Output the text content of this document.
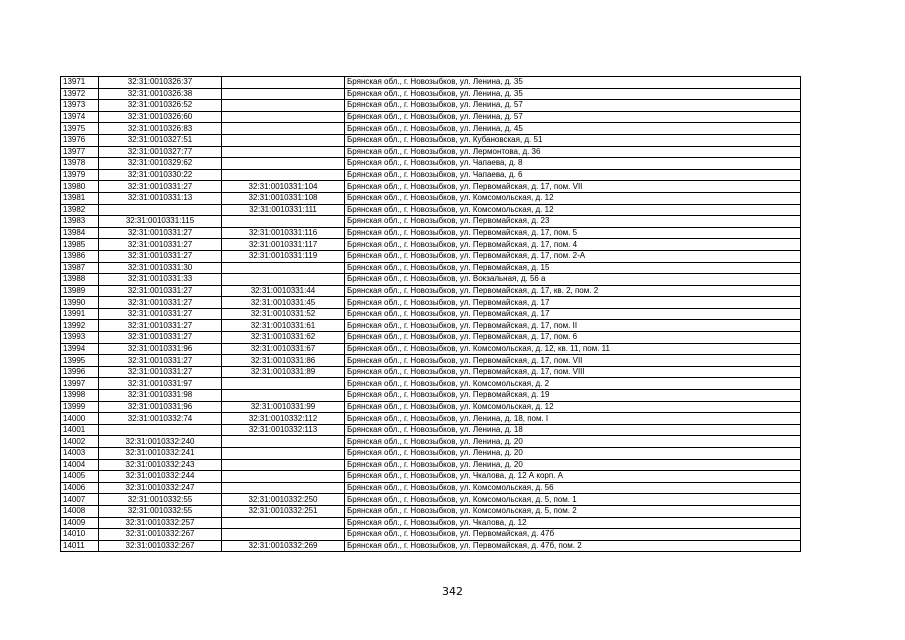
13971	32:31:0010326:37		Брянская обл., г. Новозыбков, ул. Ленина, д. 35
13972	32:31:0010326:38		Брянская обл., г. Новозыбков, ул. Ленина, д. 35
13973	32:31:0010326:52		Брянская обл., г. Новозыбков, ул. Ленина, д. 57
13974	32:31:0010326:60		Брянская обл., г. Новозыбков, ул. Ленина, д. 57
13975	32:31:0010326:83		Брянская обл., г. Новозыбков, ул. Ленина, д. 45
13976	32:31:0010327:51		Брянская обл., г. Новозыбков, ул. Кубановская, д. 51
13977	32:31:0010327:77		Брянская обл., г. Новозыбков, ул. Лермонтова, д. 36
13978	32:31:0010329:62		Брянская обл., г. Новозыбков, ул. Чапаева, д. 8
13979	32:31:0010330:22		Брянская обл., г. Новозыбков, ул. Чапаева, д. 6
13980	32:31:0010331:27	32:31:0010331:104	Брянская обл., г. Новозыбков, ул. Первомайская, д. 17, пом. VII
13981	32:31:0010331:13	32:31:0010331:108	Брянская обл., г. Новозыбков, ул. Комсомольская, д. 12
13982		32:31:0010331:111	Брянская обл., г. Новозыбков, ул. Комсомольская, д. 12
13983	32:31:0010331:115		Брянская обл., г. Новозыбков, ул. Первомайская, д. 23
13984	32:31:0010331:27	32:31:0010331:116	Брянская обл., г. Новозыбков, ул. Первомайская, д. 17, пом. 5
13985	32:31:0010331:27	32:31:0010331:117	Брянская обл., г. Новозыбков, ул. Первомайская, д. 17, пом. 4
13986	32:31:0010331:27	32:31:0010331:119	Брянская обл., г. Новозыбков, ул. Первомайская, д. 17, пом. 2-А
13987	32:31:0010331:30		Брянская обл., г. Новозыбков, ул. Первомайская, д. 15
13988	32:31:0010331:33		Брянская обл., г. Новозыбков, ул. Вокзальная, д. 56 а
13989	32:31:0010331:27	32:31:0010331:44	Брянская обл., г. Новозыбков, ул. Первомайская, д. 17, кв. 2, пом. 2
13990	32:31:0010331:27	32:31:0010331:45	Брянская обл., г. Новозыбков, ул. Первомайская, д. 17
13991	32:31:0010331:27	32:31:0010331:52	Брянская обл., г. Новозыбков, ул. Первомайская, д. 17
13992	32:31:0010331:27	32:31:0010331:61	Брянская обл., г. Новозыбков, ул. Первомайская, д. 17, пом. II
13993	32:31:0010331:27	32:31:0010331:62	Брянская обл., г. Новозыбков, ул. Первомайская, д. 17, пом. 6
13994	32:31:0010331:96	32:31:0010331:67	Брянская обл., г. Новозыбков, ул. Комсомольская, д. 12, кв. 11, пом. 11
13995	32:31:0010331:27	32:31:0010331:86	Брянская обл., г. Новозыбков, ул. Первомайская, д. 17, пом. VII
13996	32:31:0010331:27	32:31:0010331:89	Брянская обл., г. Новозыбков, ул. Первомайская, д. 17, пом. VIII
13997	32:31:0010331:97		Брянская обл., г. Новозыбков, ул. Комсомольская, д. 2
13998	32:31:0010331:98		Брянская обл., г. Новозыбков, ул. Первомайская, д. 19
13999	32:31:0010331:96	32:31:0010331:99	Брянская обл., г. Новозыбков, ул. Комсомольская, д. 12
14000	32:31:0010332:74	32:31:0010332:112	Брянская обл., г. Новозыбков, ул. Ленина, д. 18, пом. I
14001		32:31:0010332:113	Брянская обл., г. Новозыбков, ул. Ленина, д. 18
14002	32:31:0010332:240		Брянская обл., г. Новозыбков, ул. Ленина, д. 20
14003	32:31:0010332:241		Брянская обл., г. Новозыбков, ул. Ленина, д. 20
14004	32:31:0010332:243		Брянская обл., г. Новозыбков, ул. Ленина, д. 20
14005	32:31:0010332:244		Брянская обл., г. Новозыбков, ул. Чкалова, д. 12 А корп. А
14006	32:31:0010332:247		Брянская обл., г. Новозыбков, ул. Комсомольская, д. 56
14007	32:31:0010332:55	32:31:0010332:250	Брянская обл., г. Новозыбков, ул. Комсомольская, д. 5, пом. 1
14008	32:31:0010332:55	32:31:0010332:251	Брянская обл., г. Новозыбков, ул. Комсомольская, д. 5, пом. 2
14009	32:31:0010332:257		Брянская обл., г. Новозыбков, ул. Чкалова, д. 12
14010	32:31:0010332:267		Брянская обл., г. Новозыбков, ул. Первомайская, д. 47б
14011	32:31:0010332:267	32:31:0010332:269	Брянская обл., г. Новозыбков, ул. Первомайская, д. 47б, пом. 2
342
